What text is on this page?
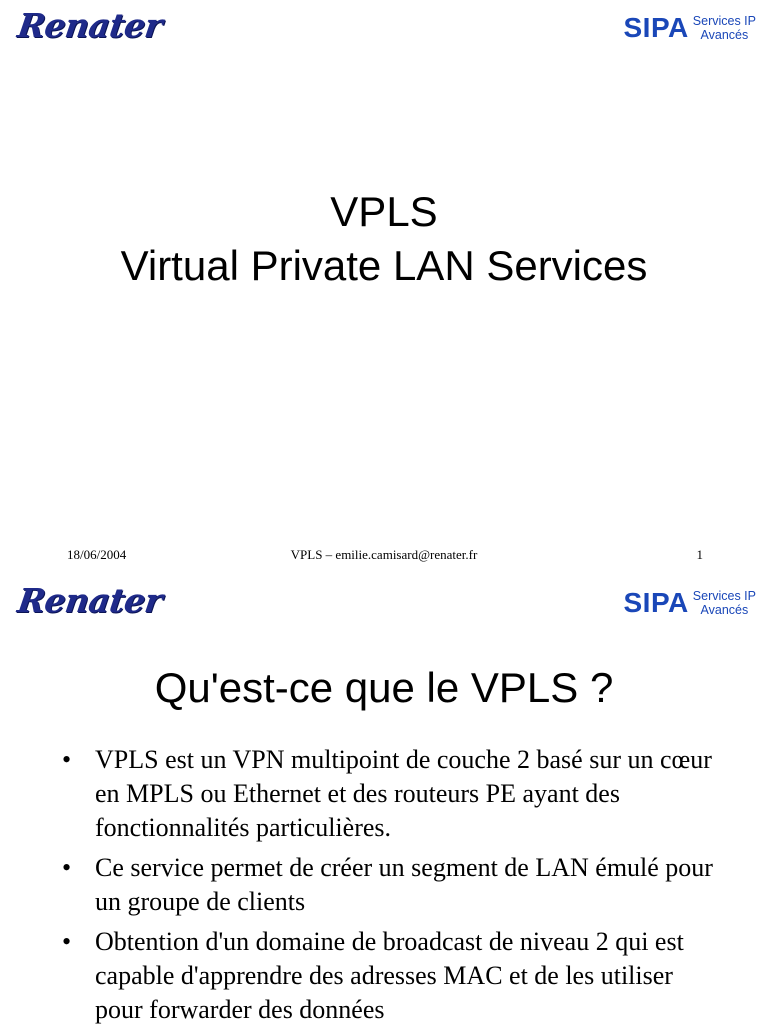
Renater	SIPA Services IP
Avancés
VPLS
Virtual Private LAN Services
18/06/2004	VPLS – emilie.camisard@renater.fr	1
Renater	SIPA Services IP
Avancés
Qu'est-ce que le VPLS ?
• VPLS est un VPN multipoint de couche 2 basé sur un cœur en MPLS ou Ethernet et des routeurs PE ayant des fonctionnalités particulières.
• Ce service permet de créer un segment de LAN émulé pour un groupe de clients
• Obtention d'un domaine de broadcast de niveau 2 qui est capable d'apprendre des adresses MAC et de les utiliser pour forwarder des données
